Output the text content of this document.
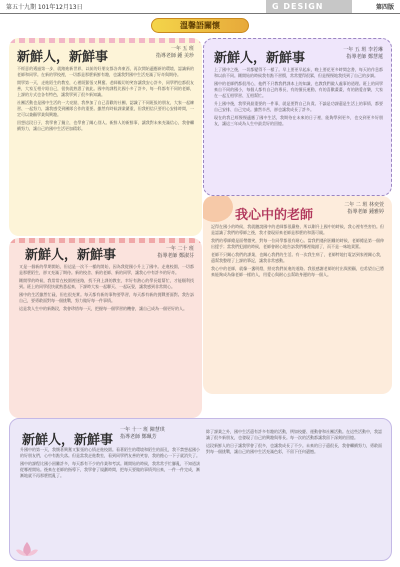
第五十九期 101年12月13日	G DESIGN	第四版
溫馨語關懷
新鮮人，新鮮事
一年 五 班
指導老師 鍾 美珍

不經意的邁過第一步，就踏進新世界，以前的好朋友都各奔東西，再次開始適應新的環境，認識新的老師和同學。在新的學校裡，一切都是那麼新鮮有趣，也讓我對國中生活充滿了好奇與期待。

開學第一天，走進陌生的教室，心裡既緊張又興奮。老師親切的笑容讓我安心許多，同學們也都很友善，大家互相介紹自己，很快就熟悉了彼此。國中的課程比國小多了許多，每一科都有不同的老師，上課的方式也各有特色，讓我學到了很多新知識。

社團活動也是國中生活的一大亮點，我參加了自己喜歡的社團，認識了不同班級的朋友，大家一起練習、一起努力，讓我感受到團隊合作的重要。雖然有時候課業繁重，但我相信只要用心安排時間，一定可以兼顧學業與興趣。

回想這段日子，我學會了獨立，也學會了關心別人。新鮮人的新鮮事，讓我對未來充滿信心，我會繼續努力，讓自己的國中生活更加精彩。

新鮮人，新鮮事
一年 五 班 李若琳
指導老師 鄭慧蓮

上了國中之後，一切都變得不一樣了。早上要更早起床，晚上要花更多時間念書，每天的作息都和以前不同。剛開始的時候我有點不習慣，常常覺得很累，但是慢慢地我找到了自己的步調。

國中的老師們都很用心，他們不只教我們課本上的知識，也教我們做人處事的道理。班上的同學來自不同的國小，每個人都有自己的專長，有的擅長運動，有的喜歡畫畫，有的熱愛音樂，大家在一起互相學習、互相幫忙。

升上國中後，我學到最重要的一件事，就是要對自己負責。不論是功課還是生活上的事情，都要自己安排、自己完成。雖然辛苦，卻也讓我成長了許多。

現在的我已經慢慢適應了國中生活，我期待在未來的日子裡，能夠學到更多，也交到更多好朋友，讓這三年成為人生中最美好的回憶。

新鮮人，新鮮事	一年 二十 班
指導老師 鄭淑芬

又是一個新的學期開始，但這是一次不一樣的開始，因為我從國小升上了國中。走進校園，一切都是那麼陌生，卻又充滿了期待。新的校舍、新的老師、新的同學，讓我心中有許多的好奇。

剛開學的時候，我常常在校園裡迷路，找不到上課的教室，幸好有熱心的學長姐幫忙，才能順利找到。班上的同學很快就熟悉起來，下課時大家一起聊天、一起玩耍，讓我感到非常開心。

國中的生活雖然忙碌，但也很充實。每天都有新的事物要學習，每天都有新的挑戰要面對。我告訴自己，要勇敢面對每一個挑戰，努力做好每一件事情。

這是我人生中的新階段，我會珍惜每一天，把握每一個學習的機會，讓自己成為一個更好的人。

我心中的老師
二年 二 班 林奕萱
指導老師 鍾雅婷

記得在國小的時候，我就聽說國中的老師都很嚴格，所以剛升上國中的時候，我心裡有些害怕。但是認識了我們的導師之後，我才發現原來老師是那麼的和藹可親。

我們的導師總是面帶微笑，對每一位同學都很有耐心。當我們遇到困難的時候，老師總是第一個伸出援手；當我們犯錯的時候，老師會耐心地告訴我們哪裡做錯了，而不是一味地責罵。

老師不只關心我們的課業，也關心我們的生活。有一次我生病了，老師特地打電話到家裡關心我，還幫我整理了上課的筆記，讓我非常感動。

我心中的老師，就像一盞明燈，照亮我們前進的道路。我很感謝老師的付出與照顧，也希望自己將來能夠成為像老師一樣的人，用愛心與耐心去幫助身邊的每一個人。

新鮮人，新鮮事
一年 十一 班 陳慧琪
指導老師 鄭珮芳

升國中的第一天，我懷著興奮又緊張的心情走進校園。看著陌生的環境和陌生的面孔，我不禁想起國小的好朋友們，心中有點失落。但是當我走進教室，看到同學們友善的笑容，我的擔心一下子就消失了。

國中的課程比國小困難許多，每天都有不少的作業和考試。剛開始的時候，我常常手忙腳亂，不知道該從哪裡開始。後來在老師的指導下，我學會了規劃時間，把每天要做的事情列出來，一件一件完成，漸漸地就不再那麼慌亂了。

除了課業之外，國中生活還有許多有趣的活動，例如校慶、運動會和社團活動。在這些活動中，我認識了很多新朋友，也發現了自己的興趣與專長。每一次的活動都讓我留下深刻的回憶。

這段新鮮人的日子讓我學會了很多，也讓我成長了不少。未來的日子還很長，我會繼續努力，勇敢面對每一個挑戰，讓自己的國中生活充滿色彩，不留下任何遺憾。
